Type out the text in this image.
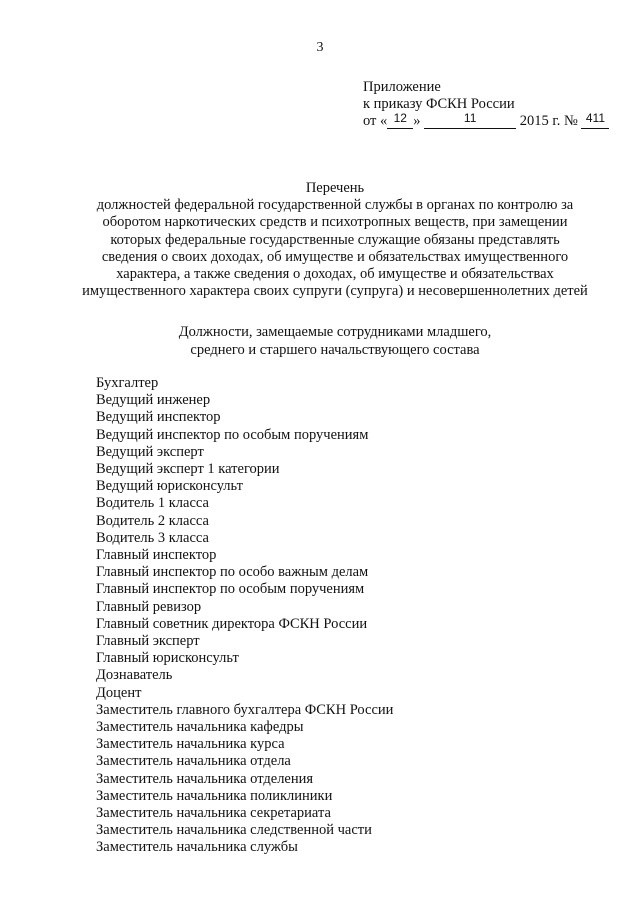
3
Приложение
к приказу ФСКН России
от « $^{12}$ »	$^{11}$	2015 г. № $^{411}$
Перечень
должностей федеральной государственной службы в органах по контролю за
оборотом наркотических средств и психотропных веществ, при замещении
которых федеральные государственные служащие обязаны представлять
сведения о своих доходах, об имуществе и обязательствах имущественного
характера, а также сведения о доходах, об имуществе и обязательствах
имущественного характера своих супруги (супруга) и несовершеннолетних детей
Должности, замещаемые сотрудниками младшего,
среднего и старшего начальствующего состава
Бухгалтер
Ведущий инженер
Ведущий инспектор
Ведущий инспектор по особым поручениям
Ведущий эксперт
Ведущий эксперт 1 категории
Ведущий юрисконсульт
Водитель 1 класса
Водитель 2 класса
Водитель 3 класса
Главный инспектор
Главный инспектор по особо важным делам
Главный инспектор по особым поручениям
Главный ревизор
Главный советник директора ФСКН России
Главный эксперт
Главный юрисконсульт
Дознаватель
Доцент
Заместитель главного бухгалтера ФСКН России
Заместитель начальника кафедры
Заместитель начальника курса
Заместитель начальника отдела
Заместитель начальника отделения
Заместитель начальника поликлиники
Заместитель начальника секретариата
Заместитель начальника следственной части
Заместитель начальника службы
